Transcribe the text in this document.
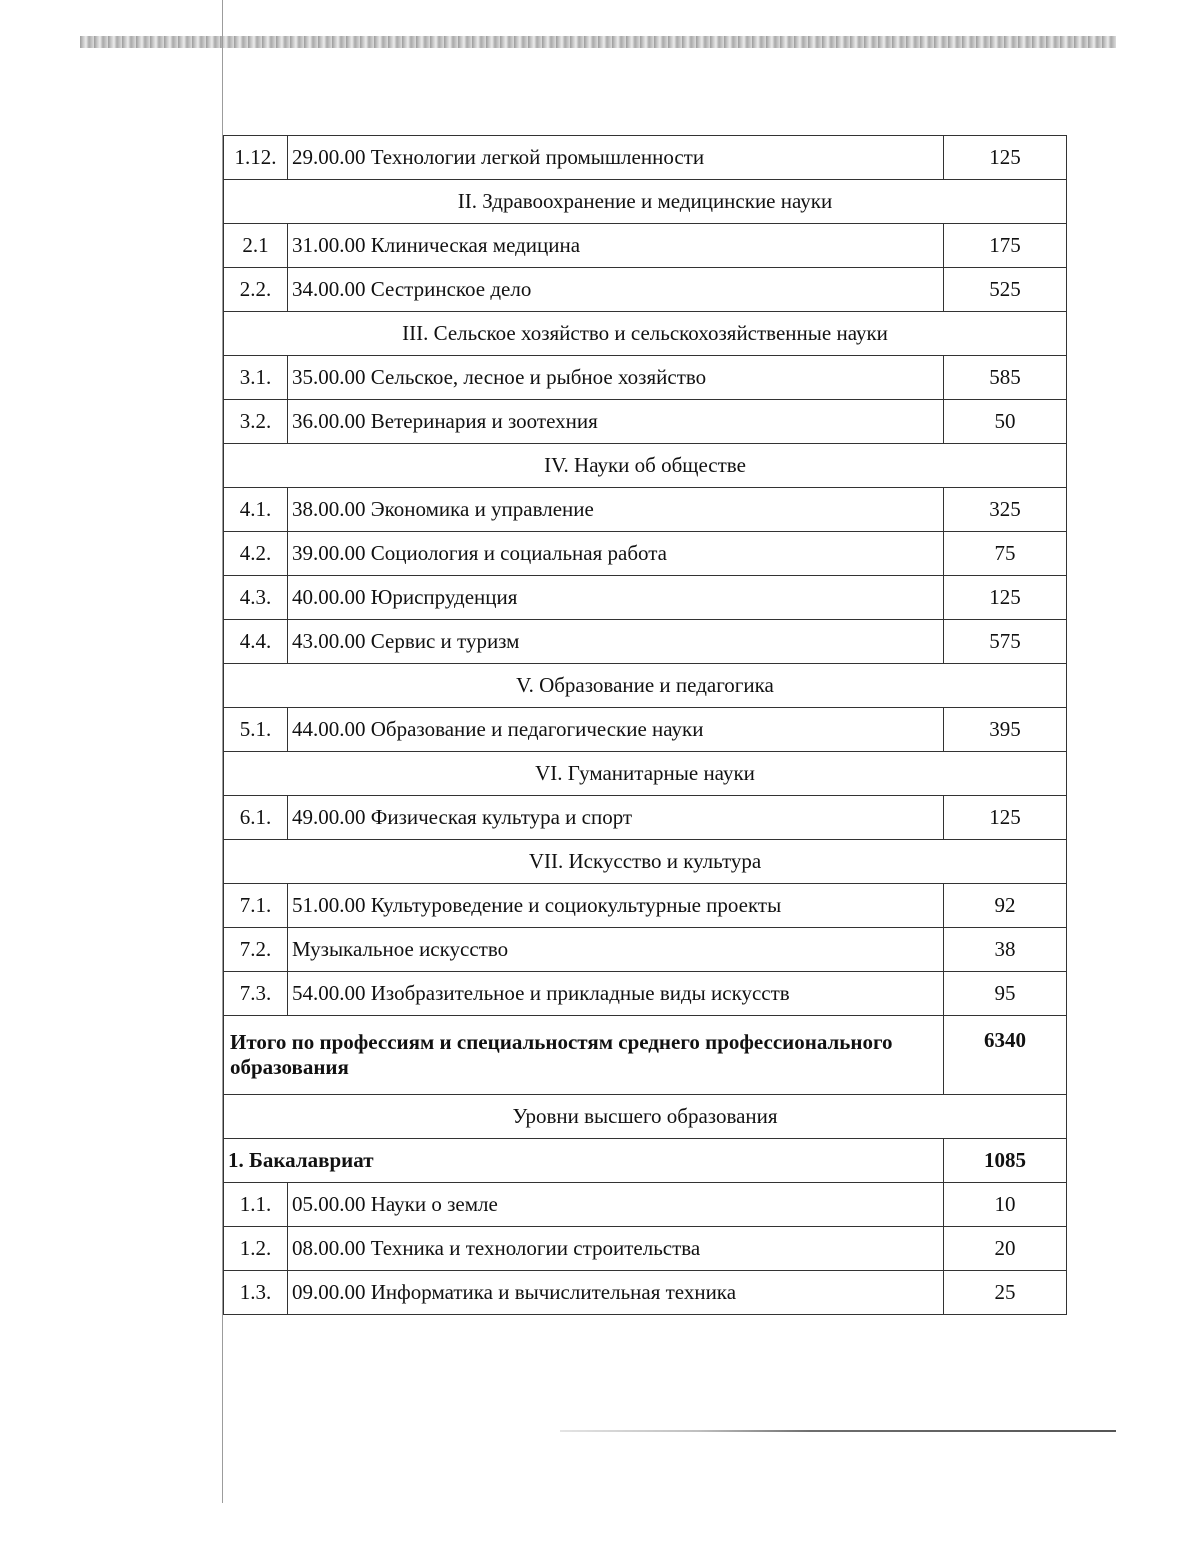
1.12.	29.00.00 Технологии легкой промышленности	125
II. Здравоохранение и медицинские науки		
2.1	31.00.00 Клиническая медицина	175
2.2.	34.00.00 Сестринское дело	525
III. Сельское хозяйство и сельскохозяйственные науки		
3.1.	35.00.00 Сельское, лесное и рыбное хозяйство	585
3.2.	36.00.00 Ветеринария и зоотехния	50
IV. Науки об обществе		
4.1.	38.00.00 Экономика и управление	325
4.2.	39.00.00 Социология и социальная работа	75
4.3.	40.00.00 Юриспруденция	125
4.4.	43.00.00 Сервис и туризм	575
V. Образование и педагогика		
5.1.	44.00.00 Образование и педагогические науки	395
VI. Гуманитарные науки		
6.1.	49.00.00 Физическая культура и спорт	125
VII. Искусство и культура		
7.1.	51.00.00 Культуроведение и социокультурные проекты	92
7.2.	Музыкальное искусство	38
7.3.	54.00.00 Изобразительное и прикладные виды искусств	95
Итого по профессиям и специальностям среднего профессионального образования		6340
Уровни высшего образования		
1. Бакалавриат		1085
1.1.	05.00.00 Науки о земле	10
1.2.	08.00.00 Техника и технологии строительства	20
1.3.	09.00.00 Информатика и вычислительная техника	25
